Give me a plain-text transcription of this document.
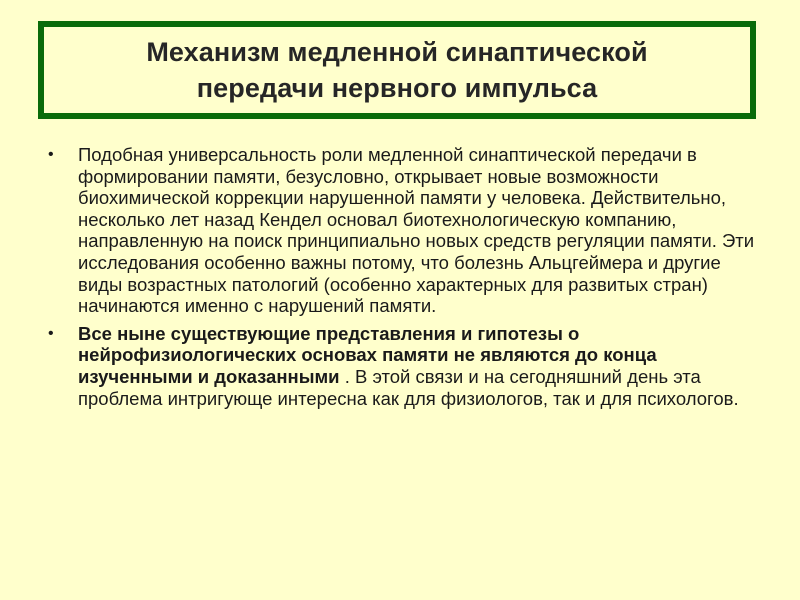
Механизм медленной синаптической
передачи нервного импульса
• Подобная универсальность роли медленной синаптической передачи в формировании памяти, безусловно, открывает новые возможности биохимической коррекции нарушенной памяти у человека. Действительно, несколько лет назад Кендел основал биотехнологическую компанию, направленную на поиск принципиально новых средств регуляции памяти. Эти исследования особенно важны потому, что болезнь Альцгеймера и другие виды возрастных патологий (особенно характерных для развитых стран) начинаются именно с нарушений памяти.
• Все ныне существующие представления и гипотезы о нейрофизиологических основах памяти не являются до конца изученными и доказанными . В этой связи и на сегодняшний день эта проблема интригующе интересна как для физиологов, так и для психологов.
